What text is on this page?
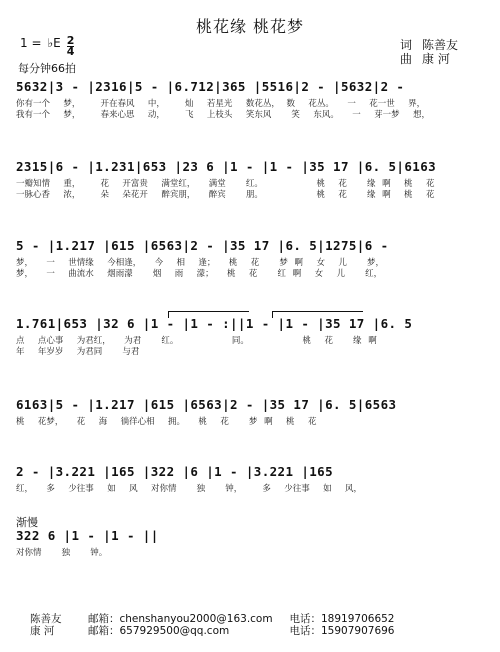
桃花缘 桃花梦
1 = ♭E $\frac{2}{4}$
每分钟66拍
词 陈善友
曲 康 河
5632|3 - |2316|5 - |6.712|365 |5516|2 - |5632|2 -
你有一个  梦，   开在春风  中，   灿  若星光  数花丛， 数  花丛。  一  花一世  界，
我有一个  梦，   春来心思  动，   飞  上枝头  笑东风   笑  东风。  一  芽一梦  想，
2315|6 - |1.231|653 |23 6 |1 - |1 - |35 17 |6. 5|6163
一瓣知情  重，   花  开富贵  满堂红，  满堂   红。        桃  花   缘 啊  桃  花
一脉心香  浓，   朵  朵花开  醉宾朋，  醉宾   朋。        桃  花   缘 啊  桃  花
5 - |1.217 |615 |6563|2 - |35 17 |6. 5|1275|6 -
梦，  一  世情缘  今相逢，  今  相  逢；  桃  花   梦 啊  女  儿   梦，
梦，  一  曲流水  烟雨濛   烟  雨  濛；  桃  花   红 啊  女  儿   红，
1.761|653 |32 6 |1 - |1 - :||1 - |1 - |35 17 |6. 5
点  点心事  为君红，  为君   红。        同。        桃  花   缘 啊
年  年岁岁  为君同   与君
6163|5 - |1.217 |615 |6563|2 - |35 17 |6. 5|6563
桃  花梦，  花  海  徜徉心相  拥。  桃  花   梦 啊  桃  花
2 - |3.221 |165 |322 |6 |1 - |3.221 |165
红，  多  少往事  如  风  对你情   独   钟，   多  少往事  如  风，
渐慢
322 6 |1 - |1 - ||
对你情   独   钟。
陈善友	邮箱： chenshanyou2000@163.com	电话： 18919706652
康 河	邮箱： 657929500@qq.com	电话： 15907907696
